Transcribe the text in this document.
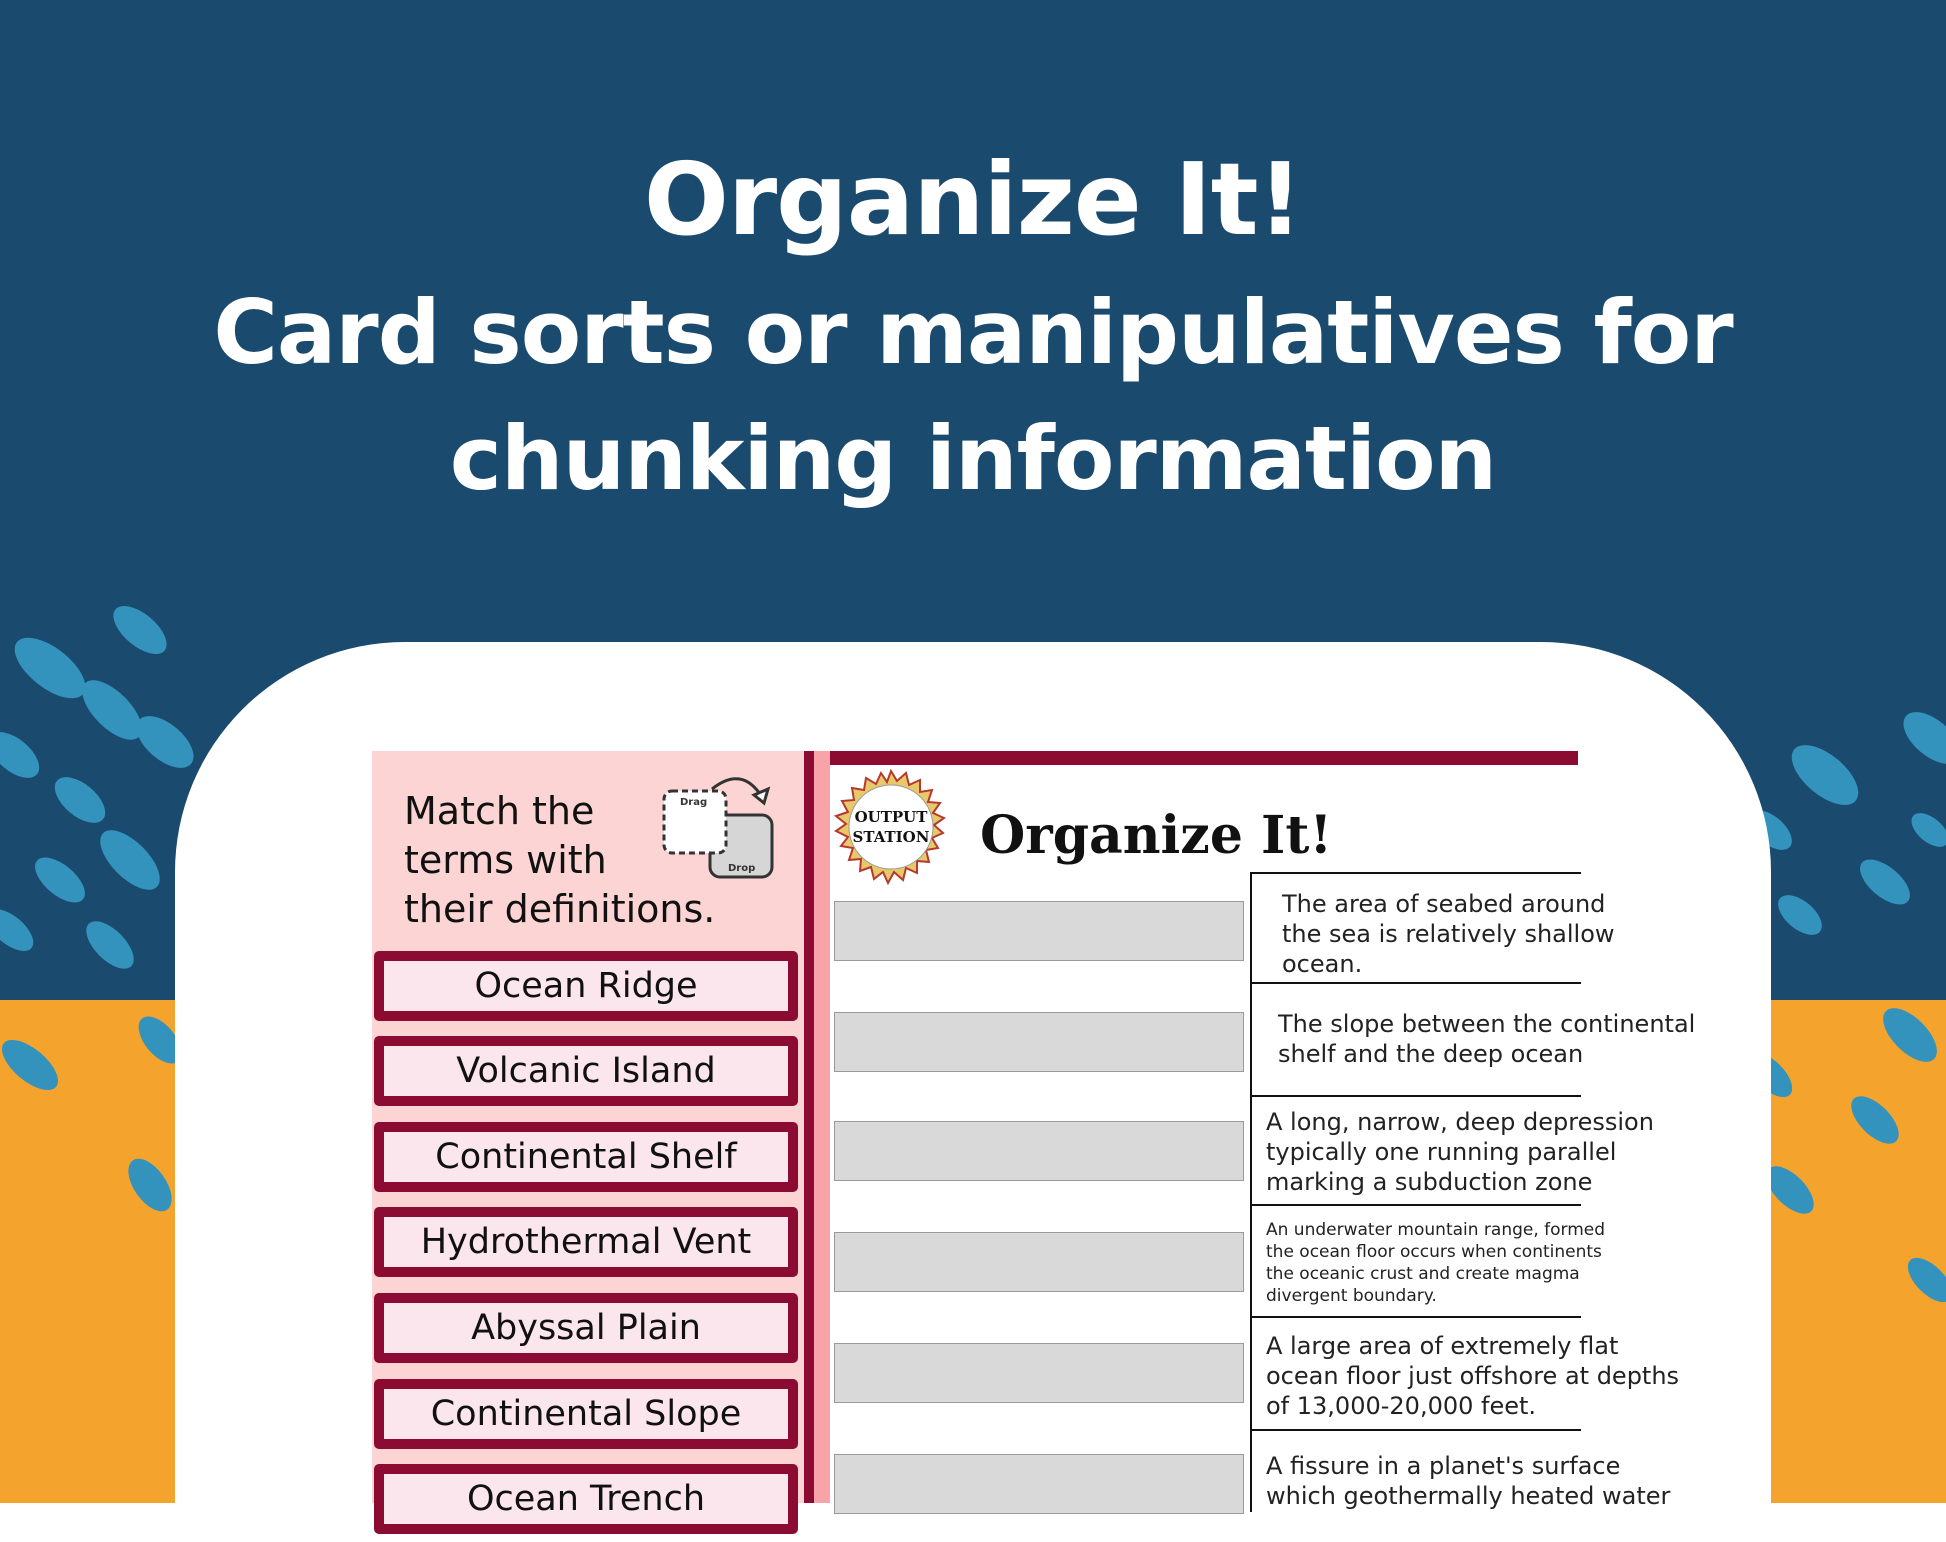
Organize It!
Card sorts or manipulatives for
chunking information
Match the
terms with
their definitions.
Drag
Drop
Ocean Ridge
Volcanic Island
Continental Shelf
Hydrothermal Vent
Abyssal Plain
Continental Slope
Ocean Trench
OUTPUT
STATION Organize It!
The area of seabed around
the sea is relatively shallow
ocean.
The slope between the continental
shelf and the deep ocean
A long, narrow, deep depression
typically one running parallel
marking a subduction zone
An underwater mountain range, formed
the ocean floor occurs when continents
the oceanic crust and create magma
divergent boundary.
A large area of extremely flat
ocean floor just offshore at depths
of 13,000-20,000 feet.
A fissure in a planet's surface
which geothermally heated water
